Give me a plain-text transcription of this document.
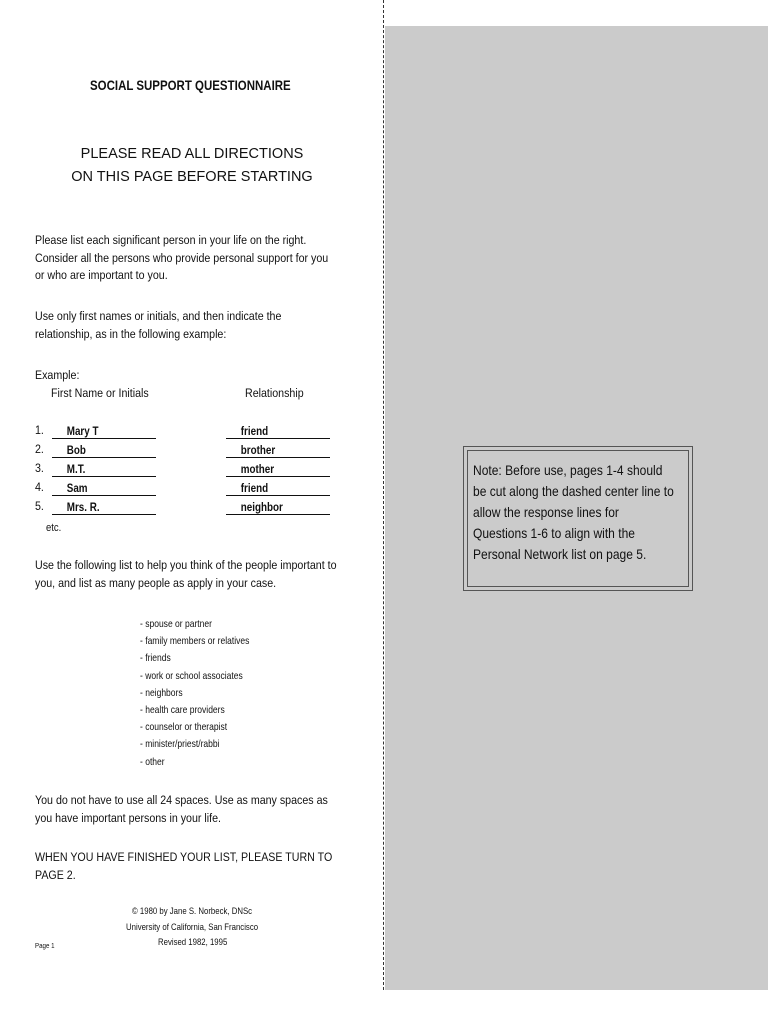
SOCIAL SUPPORT QUESTIONNAIRE
PLEASE READ ALL DIRECTIONS
ON THIS PAGE BEFORE STARTING
Please list each significant person in your life on the right. Consider all the persons who provide personal support for you or who are important to you.
Use only first names or initials, and then indicate the relationship, as in the following example:
Example:
First Name or Initials	Relationship
1.	Mary T	friend
2.	Bob	brother
3.	M.T.	mother
4.	Sam	friend
5.	Mrs. R.	neighbor
etc.
Use the following list to help you think of the people important to you, and list as many people as apply in your case.
- spouse or partner
- family members or relatives
- friends
- work or school associates
- neighbors
- health care providers
- counselor or therapist
- minister/priest/rabbi
- other
You do not have to use all 24 spaces. Use as many spaces as you have important persons in your life.
WHEN YOU HAVE FINISHED YOUR LIST, PLEASE TURN TO PAGE 2.
© 1980 by Jane S. Norbeck, DNSc
University of California, San Francisco
Revised 1982, 1995
Page 1
Note: Before use, pages 1-4 should be cut along the dashed center line to allow the response lines for Questions 1-6 to align with the Personal Network list on page 5.
